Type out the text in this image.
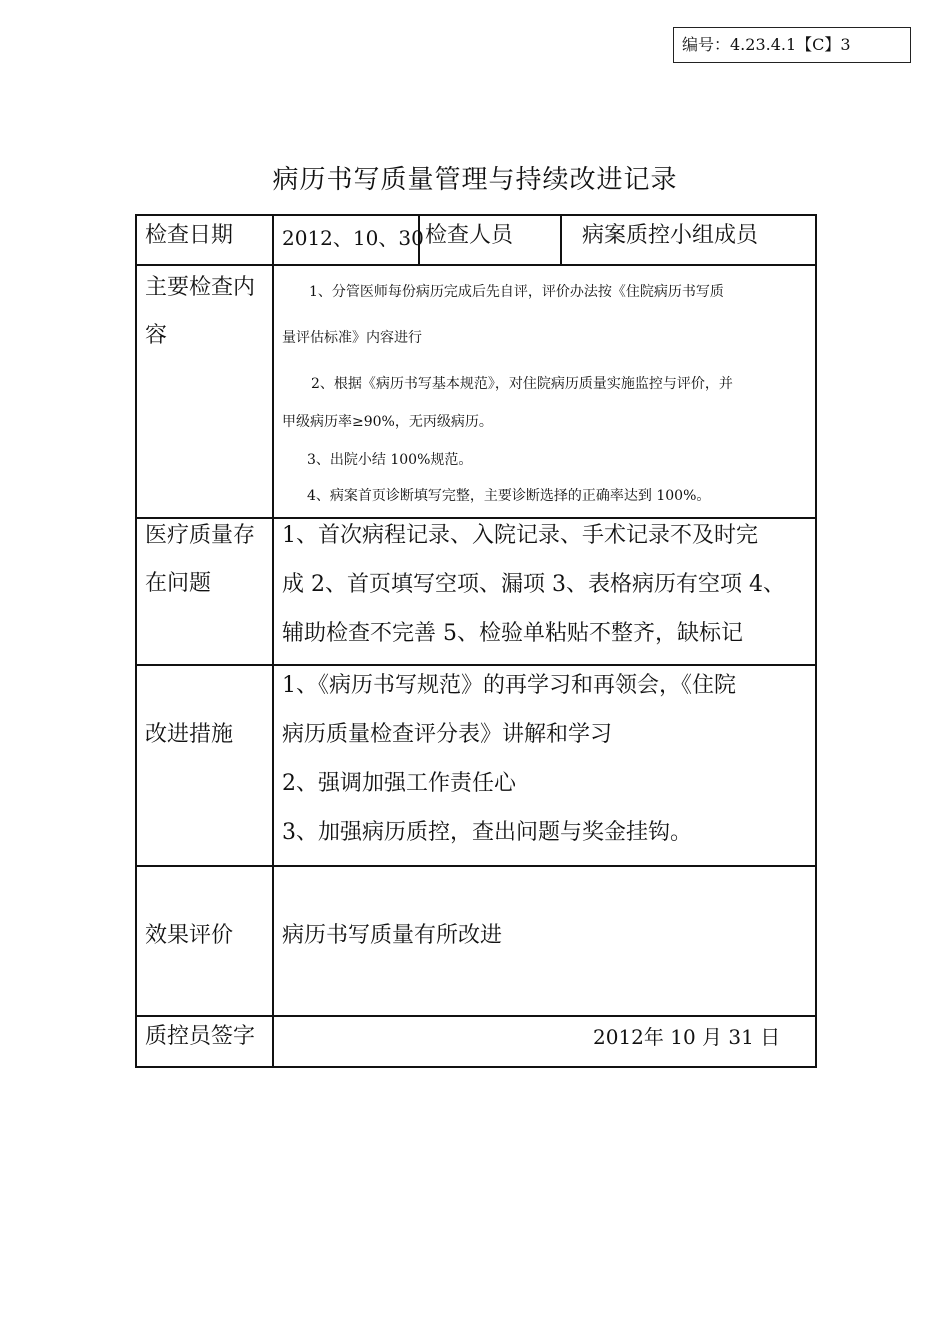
编号：4.23.4.1【C】3
病历书写质量管理与持续改进记录
检查日期 2012、10、30 检查人员	病案质控小组成员
主要检查内容
1、分管医师每份病历完成后先自评，评价办法按《住院病历书写质
量评估标准》内容进行
2、根据《病历书写基本规范》，对住院病历质量实施监控与评价，并
甲级病历率≥90%，无丙级病历。
3、出院小结 100%规范。
4、病案首页诊断填写完整，主要诊断选择的正确率达到 100%。
医疗质量存在问题
1、首次病程记录、入院记录、手术记录不及时完
成 2、首页填写空项、漏项 3、表格病历有空项 4、
辅助检查不完善 5、检验单粘贴不整齐，缺标记
改进措施
1、《病历书写规范》的再学习和再领会，《住院
病历质量检查评分表》讲解和学习
2、强调加强工作责任心
3、加强病历质控，查出问题与奖金挂钩。
效果评价 病历书写质量有所改进
质控员签字	2012年 10 月 31 日
